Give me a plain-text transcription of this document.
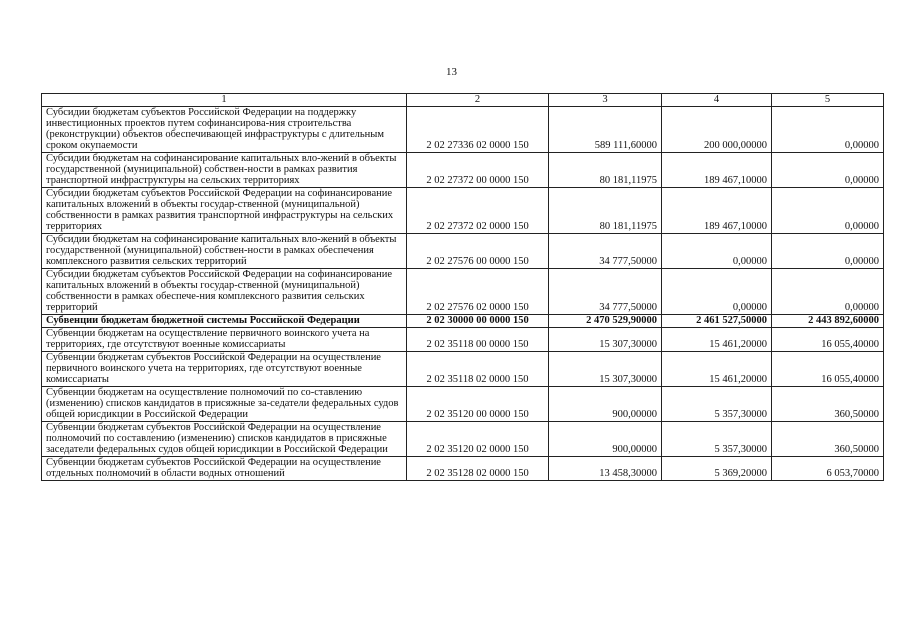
13
1	2	3	4	5
Субсидии бюджетам субъектов Российской Федерации на поддержку инвестиционных проектов путем софинансирова-ния строительства (реконструкции) объектов обеспечивающей инфраструктуры с длительным сроком окупаемости	2 02 27336 02 0000 150	589 111,60000	200 000,00000	0,00000
Субсидии бюджетам на софинансирование капитальных вло-жений в объекты государственной (муниципальной) собствен-ности в рамках развития транспортной инфраструктуры на сельских территориях	2 02 27372 00 0000 150	80 181,11975	189 467,10000	0,00000
Субсидии бюджетам субъектов Российской Федерации на софинансирование капитальных вложений в объекты государ-ственной (муниципальной) собственности в рамках развития транспортной инфраструктуры на сельских территориях	2 02 27372 02 0000 150	80 181,11975	189 467,10000	0,00000
Субсидии бюджетам на софинансирование капитальных вло-жений в объекты государственной (муниципальной) собствен-ности в рамках обеспечения комплексного развития сельских территорий	2 02 27576 00 0000 150	34 777,50000	0,00000	0,00000
Субсидии бюджетам субъектов Российской Федерации на софинансирование капитальных вложений в объекты государ-ственной (муниципальной) собственности в рамках обеспече-ния комплексного развития сельских территорий	2 02 27576 02 0000 150	34 777,50000	0,00000	0,00000
Субвенции бюджетам бюджетной системы Российской Федерации	2 02 30000 00 0000 150	2 470 529,90000	2 461 527,50000	2 443 892,60000
Субвенции бюджетам на осуществление первичного воинского учета на территориях, где отсутствуют военные комиссариаты	2 02 35118 00 0000 150	15 307,30000	15 461,20000	16 055,40000
Субвенции бюджетам субъектов Российской Федерации на осуществление первичного воинского учета на территориях, где отсутствуют военные комиссариаты	2 02 35118 02 0000 150	15 307,30000	15 461,20000	16 055,40000
Субвенции бюджетам на осуществление полномочий по со-ставлению (изменению) списков кандидатов в присяжные за-седатели федеральных судов общей юрисдикции в Российской Федерации	2 02 35120 00 0000 150	900,00000	5 357,30000	360,50000
Субвенции бюджетам субъектов Российской Федерации на осуществление полномочий по составлению (изменению) списков кандидатов в присяжные заседатели федеральных судов общей юрисдикции в Российской Федерации	2 02 35120 02 0000 150	900,00000	5 357,30000	360,50000
Субвенции бюджетам субъектов Российской Федерации на осуществление отдельных полномочий в области водных отношений	2 02 35128 02 0000 150	13 458,30000	5 369,20000	6 053,70000
